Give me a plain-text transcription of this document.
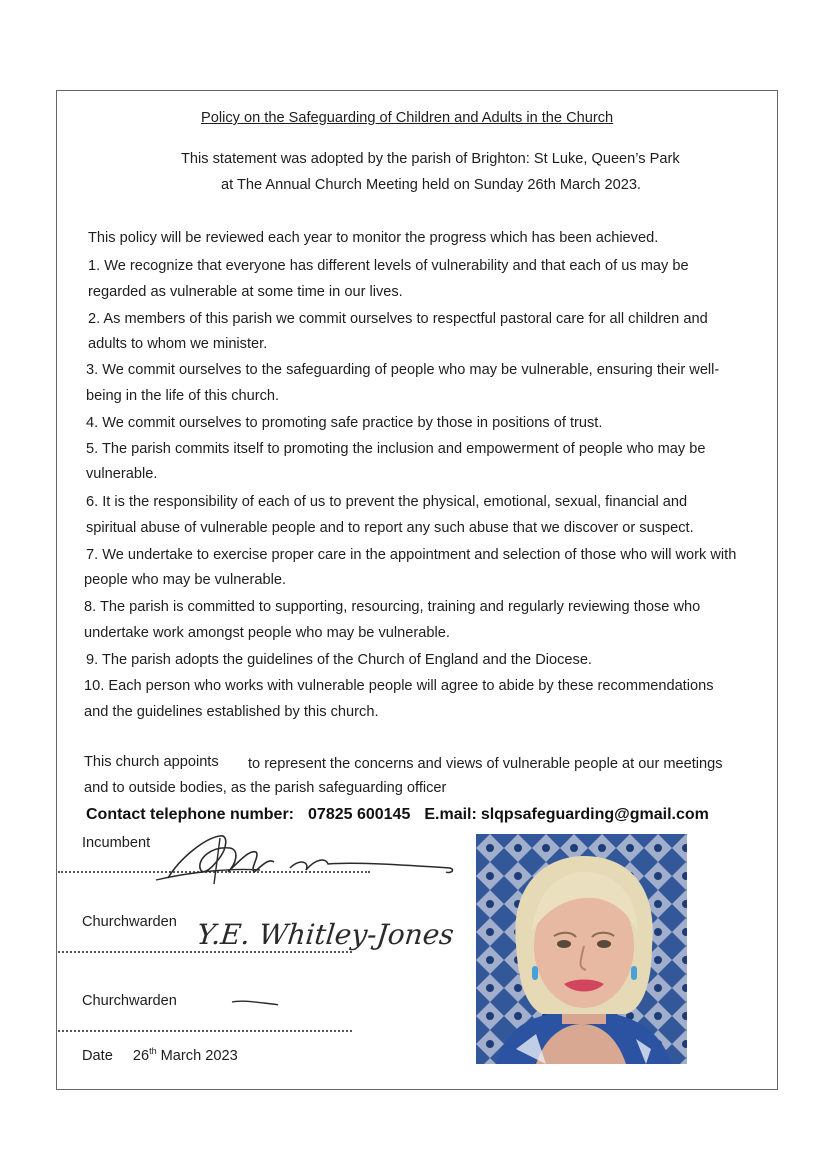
Policy on the Safeguarding of Children and Adults in the Church
This statement was adopted by the parish of Brighton: St Luke, Queen’s Park
at The Annual Church Meeting held on Sunday 26th March 2023.
This policy will be reviewed each year to monitor the progress which has been achieved.
1. We recognize that everyone has different levels of vulnerability and that each of us may be
regarded as vulnerable at some time in our lives.
2. As members of this parish we commit ourselves to respectful pastoral care for all children and
adults to whom we minister.
3. We commit ourselves to the safeguarding of people who may be vulnerable, ensuring their well-
being in the life of this church.
4. We commit ourselves to promoting safe practice by those in positions of trust.
5. The parish commits itself to promoting the inclusion and empowerment of people who may be
vulnerable.
6. It is the responsibility of each of us to prevent the physical, emotional, sexual, financial and
spiritual abuse of vulnerable people and to report any such abuse that we discover or suspect.
7. We undertake to exercise proper care in the appointment and selection of those who will work with
people who may be vulnerable.
8. The parish is committed to supporting, resourcing, training and regularly reviewing those who
undertake work amongst people who may be vulnerable.
9. The parish adopts the guidelines of the Church of England and the Diocese.
10. Each person who works with vulnerable people will agree to abide by these recommendations
and the guidelines established by this church.
This church appoints to represent the concerns and views of vulnerable people at our meetings
and to outside bodies, as the parish safeguarding officer
Contact telephone number: 07825 600145 E.mail: slqpsafeguarding@gmail.com
Incumbent
Churchwarden Y.E. Whitley-Jones
Churchwarden
Date 26th March 2023
